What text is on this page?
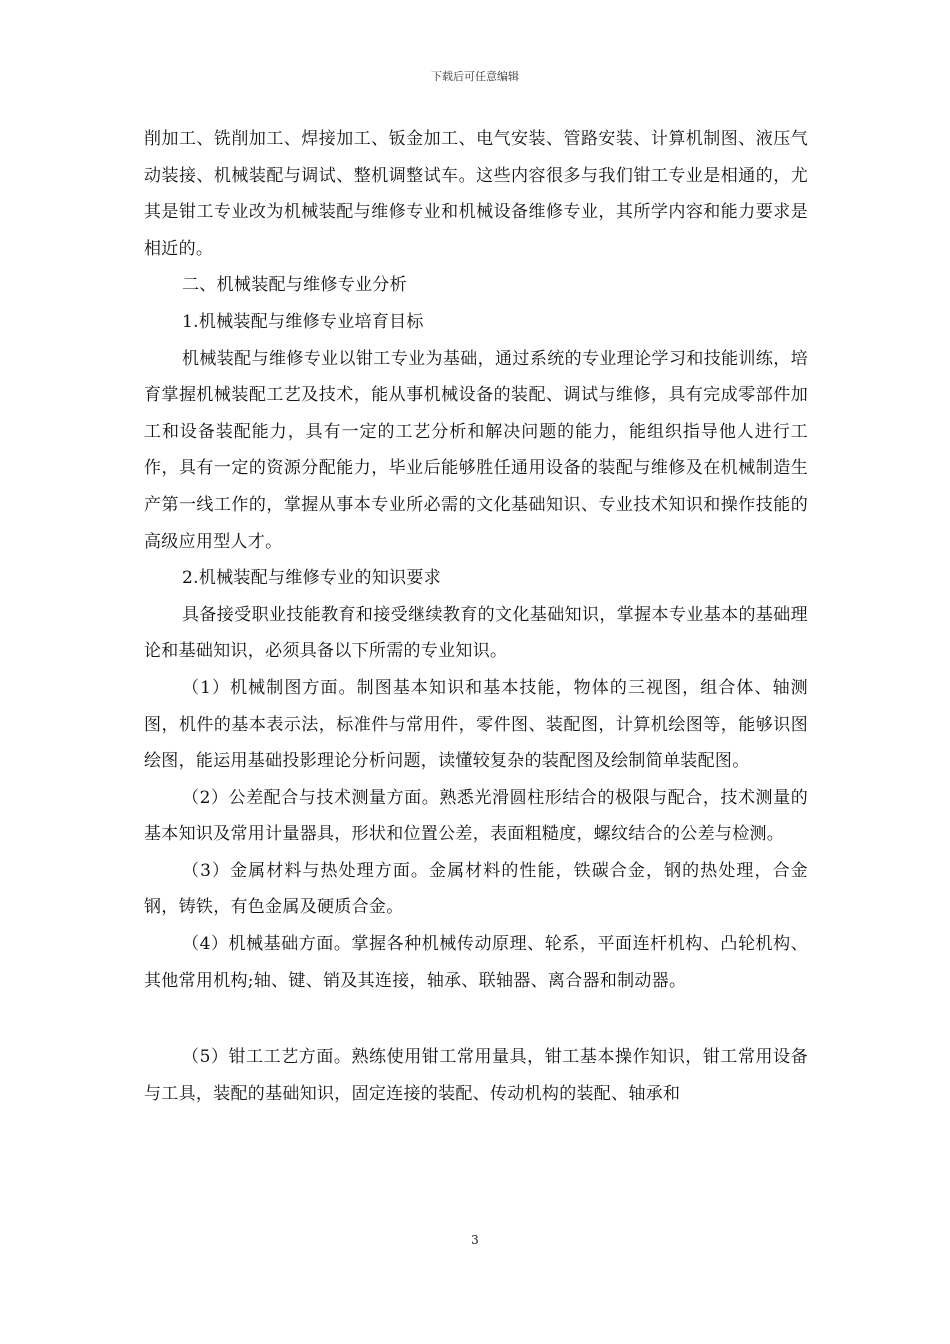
下载后可任意编辑

削加工、铣削加工、焊接加工、钣金加工、电气安装、管路安装、计算机制图、液压气动装接、机械装配与调试、整机调整试车。这些内容很多与我们钳工专业是相通的，尤其是钳工专业改为机械装配与维修专业和机械设备维修专业，其所学内容和能力要求是相近的。

二、机械装配与维修专业分析

1.机械装配与维修专业培育目标

机械装配与维修专业以钳工专业为基础，通过系统的专业理论学习和技能训练，培育掌握机械装配工艺及技术，能从事机械设备的装配、调试与维修，具有完成零部件加工和设备装配能力，具有一定的工艺分析和解决问题的能力，能组织指导他人进行工作，具有一定的资源分配能力，毕业后能够胜任通用设备的装配与维修及在机械制造生产第一线工作的，掌握从事本专业所必需的文化基础知识、专业技术知识和操作技能的高级应用型人才。

2.机械装配与维修专业的知识要求

具备接受职业技能教育和接受继续教育的文化基础知识，掌握本专业基本的基础理论和基础知识，必须具备以下所需的专业知识。

（1）机械制图方面。制图基本知识和基本技能，物体的三视图，组合体、轴测图，机件的基本表示法，标准件与常用件，零件图、装配图，计算机绘图等，能够识图绘图，能运用基础投影理论分析问题，读懂较复杂的装配图及绘制简单装配图。

（2）公差配合与技术测量方面。熟悉光滑圆柱形结合的极限与配合，技术测量的基本知识及常用计量器具，形状和位置公差，表面粗糙度，螺纹结合的公差与检测。

（3）金属材料与热处理方面。金属材料的性能，铁碳合金，钢的热处理，合金钢，铸铁，有色金属及硬质合金。

（4）机械基础方面。掌握各种机械传动原理、轮系，平面连杆机构、凸轮机构、其他常用机构;轴、键、销及其连接，轴承、联轴器、离合器和制动器。

（5）钳工工艺方面。熟练使用钳工常用量具，钳工基本操作知识，钳工常用设备与工具，装配的基础知识，固定连接的装配、传动机构的装配、轴承和

3
